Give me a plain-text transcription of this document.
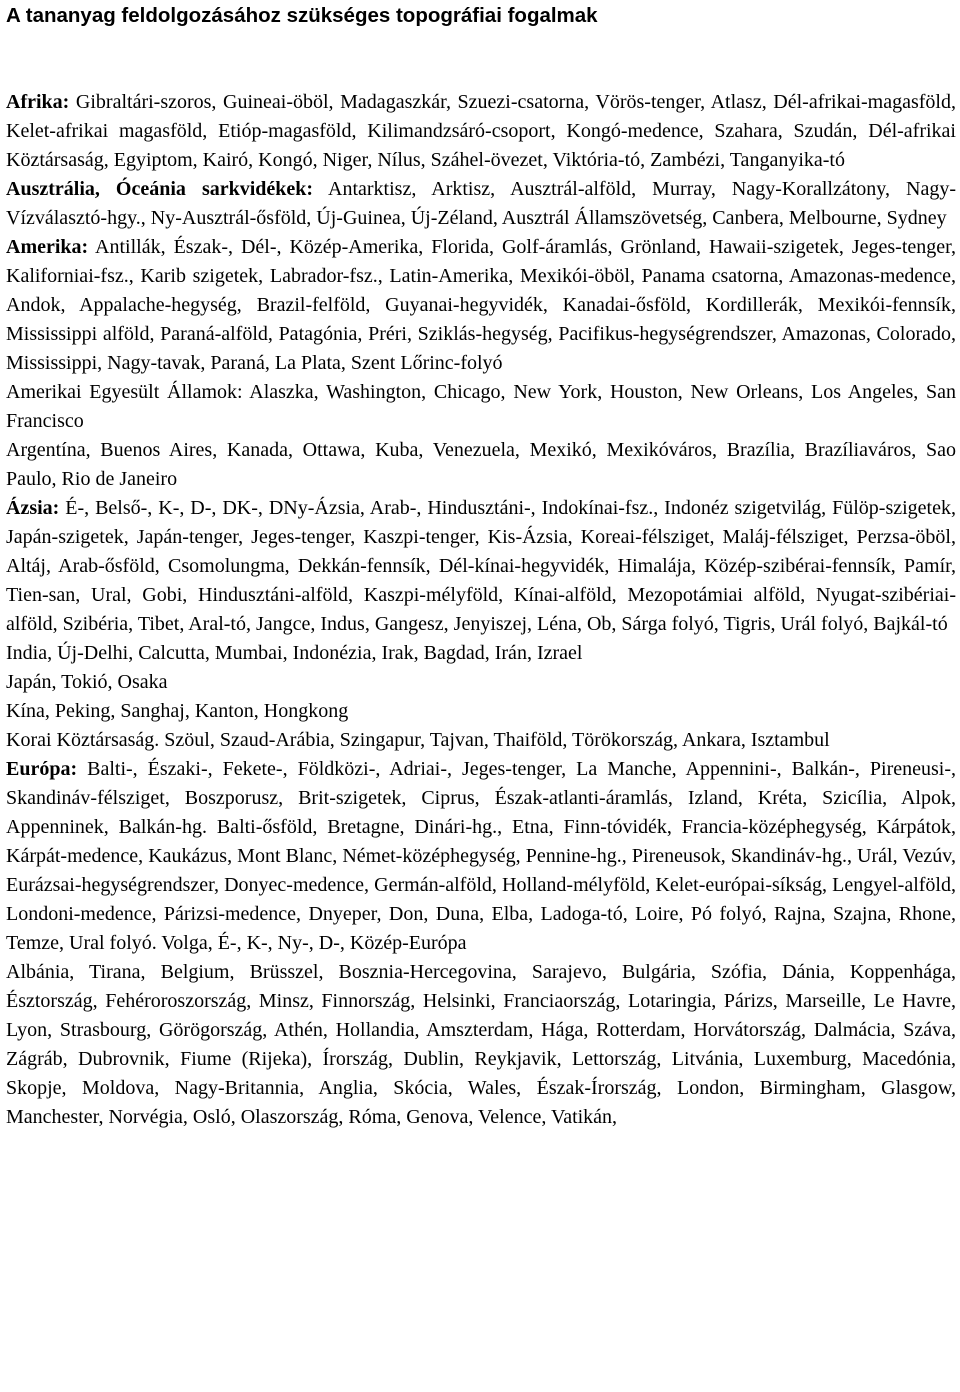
A tananyag feldolgozásához szükséges topográfiai fogalmak

Afrika: Gibraltári-szoros, Guineai-öböl, Madagaszkár, Szuezi-csatorna, Vörös-tenger, Atlasz, Dél-afrikai-magasföld, Kelet-afrikai magasföld, Etióp-magasföld, Kilimandzsáró-csoport, Kongó-medence, Szahara, Szudán, Dél-afrikai Köztársaság, Egyiptom, Kairó, Kongó, Niger, Nílus, Száhel-övezet, Viktória-tó, Zambézi, Tanganyika-tó

Ausztrália, Óceánia sarkvidékek: Antarktisz, Arktisz, Ausztrál-alföld, Murray, Nagy-Korallzátony, Nagy-Vízválasztó-hgy., Ny-Ausztrál-ősföld, Új-Guinea, Új-Zéland, Ausztrál Államszövetség, Canbera, Melbourne, Sydney

Amerika: Antillák, Észak-, Dél-, Közép-Amerika, Florida, Golf-áramlás, Grönland, Hawaii-szigetek, Jeges-tenger, Kaliforniai-fsz., Karib szigetek, Labrador-fsz., Latin-Amerika, Mexikói-öböl, Panama csatorna, Amazonas-medence, Andok, Appalache-hegység, Brazil-felföld, Guyanai-hegyvidék, Kanadai-ősföld, Kordillerák, Mexikói-fennsík, Mississippi alföld, Paraná-alföld, Patagónia, Préri, Sziklás-hegység, Pacifikus-hegységrendszer, Amazonas, Colorado, Mississippi, Nagy-tavak, Paraná, La Plata, Szent Lőrinc-folyó

Amerikai Egyesült Államok: Alaszka, Washington, Chicago, New York, Houston, New Orleans, Los Angeles, San Francisco

Argentína, Buenos Aires, Kanada, Ottawa, Kuba, Venezuela, Mexikó, Mexikóváros, Brazília, Brazíliaváros, Sao Paulo, Rio de Janeiro

Ázsia: É-, Belső-, K-, D-, DK-, DNy-Ázsia, Arab-, Hindusztáni-, Indokínai-fsz., Indonéz szigetvilág, Fülöp-szigetek, Japán-szigetek, Japán-tenger, Jeges-tenger, Kaszpi-tenger, Kis-Ázsia, Koreai-félsziget, Maláj-félsziget, Perzsa-öböl, Altáj, Arab-ősföld, Csomolungma, Dekkán-fennsík, Dél-kínai-hegyvidék, Himalája, Közép-szibérai-fennsík, Pamír, Tien-san, Ural, Gobi, Hindusztáni-alföld, Kaszpi-mélyföld, Kínai-alföld, Mezopotámiai alföld, Nyugat-szibériai-alföld, Szibéria, Tibet, Aral-tó, Jangce, Indus, Gangesz, Jenyiszej, Léna, Ob, Sárga folyó, Tigris, Urál folyó, Bajkál-tó

India, Új-Delhi, Calcutta, Mumbai, Indonézia, Irak, Bagdad, Irán, Izrael

Japán, Tokió, Osaka

Kína, Peking, Sanghaj, Kanton, Hongkong

Korai Köztársaság. Szöul, Szaud-Arábia, Szingapur, Tajvan, Thaiföld, Törökország, Ankara, Isztambul

Európa: Balti-, Északi-, Fekete-, Földközi-, Adriai-, Jeges-tenger, La Manche, Appennini-, Balkán-, Pireneusi-, Skandináv-félsziget, Boszporusz, Brit-szigetek, Ciprus, Észak-atlanti-áramlás, Izland, Kréta, Szicília, Alpok, Appenninek, Balkán-hg. Balti-ősföld, Bretagne, Dinári-hg., Etna, Finn-tóvidék, Francia-középhegység, Kárpátok, Kárpát-medence, Kaukázus, Mont Blanc, Német-középhegység, Pennine-hg., Pireneusok, Skandináv-hg., Urál, Vezúv, Eurázsai-hegységrendszer, Donyec-medence, Germán-alföld, Holland-mélyföld, Kelet-európai-síkság, Lengyel-alföld, Londoni-medence, Párizsi-medence, Dnyeper, Don, Duna, Elba, Ladoga-tó, Loire, Pó folyó, Rajna, Szajna, Rhone, Temze, Ural folyó. Volga, É-, K-, Ny-, D-, Közép-Európa

Albánia, Tirana, Belgium, Brüsszel, Bosznia-Hercegovina, Sarajevo, Bulgária, Szófia, Dánia, Koppenhága, Észtország, Fehéroroszország, Minsz, Finnország, Helsinki, Franciaország, Lotaringia, Párizs, Marseille, Le Havre, Lyon, Strasbourg, Görögország, Athén, Hollandia, Amszterdam, Hága, Rotterdam, Horvátország, Dalmácia, Száva, Zágráb, Dubrovnik, Fiume (Rijeka), Írország, Dublin, Reykjavik, Lettország, Litvánia, Luxemburg, Macedónia, Skopje, Moldova, Nagy-Britannia, Anglia, Skócia, Wales, Észak-Írország, London, Birmingham, Glasgow, Manchester, Norvégia, Osló, Olaszország, Róma, Genova, Velence, Vatikán,
